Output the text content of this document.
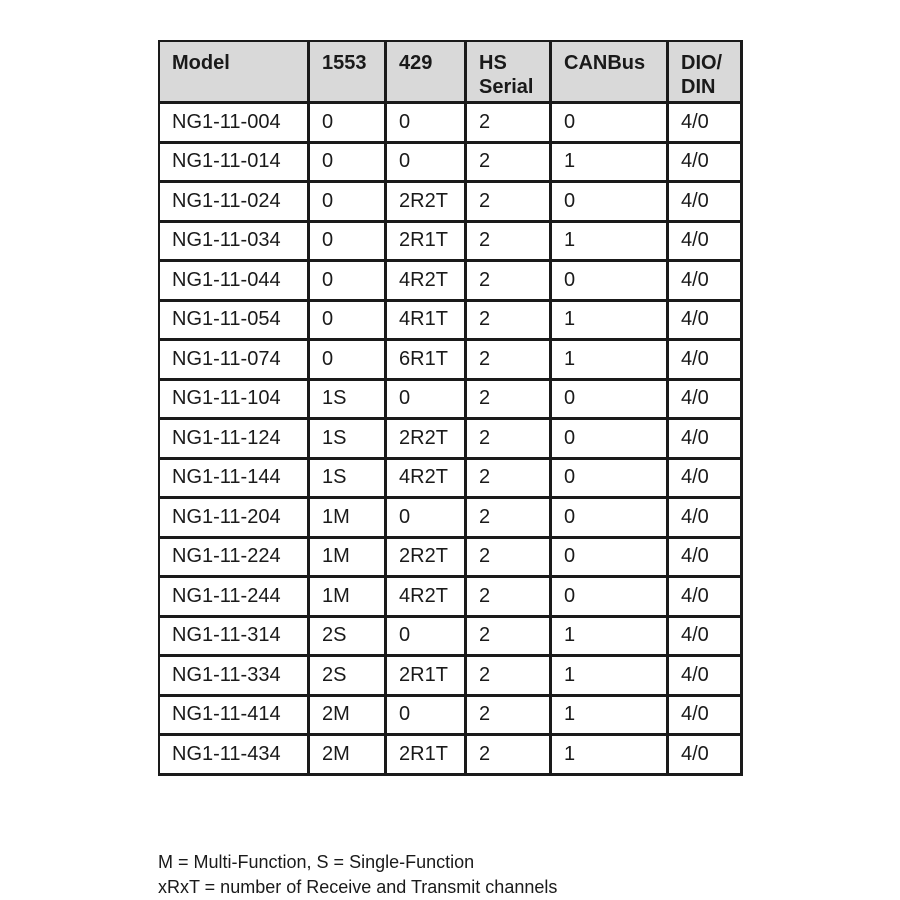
Model	1553	429	HS Serial	CANBus	DIO/ DIN
NG1-11-004	0	0	2	0	4/0
NG1-11-014	0	0	2	1	4/0
NG1-11-024	0	2R2T	2	0	4/0
NG1-11-034	0	2R1T	2	1	4/0
NG1-11-044	0	4R2T	2	0	4/0
NG1-11-054	0	4R1T	2	1	4/0
NG1-11-074	0	6R1T	2	1	4/0
NG1-11-104	1S	0	2	0	4/0
NG1-11-124	1S	2R2T	2	0	4/0
NG1-11-144	1S	4R2T	2	0	4/0
NG1-11-204	1M	0	2	0	4/0
NG1-11-224	1M	2R2T	2	0	4/0
NG1-11-244	1M	4R2T	2	0	4/0
NG1-11-314	2S	0	2	1	4/0
NG1-11-334	2S	2R1T	2	1	4/0
NG1-11-414	2M	0	2	1	4/0
NG1-11-434	2M	2R1T	2	1	4/0
M = Multi-Function, S = Single-Function
xRxT = number of Receive and Transmit channels
